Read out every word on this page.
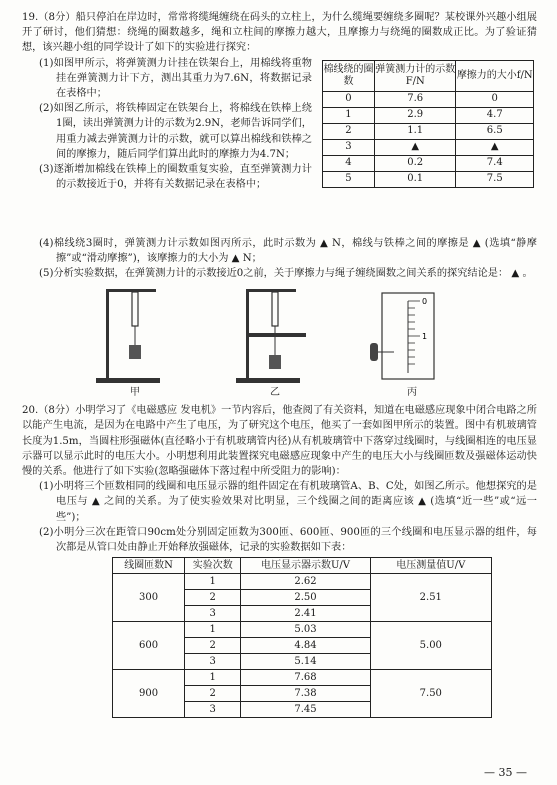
19.（8分）船只停泊在岸边时，常常将缆绳缠绕在码头的立柱上，为什么缆绳要缠绕多圈呢？某校课外兴趣小组展开了研讨，他们猜想：绕绳的圈数越多，绳和立柱间的摩擦力越大，且摩擦力与绕绳的圈数成正比。为了验证猜想，该兴趣小组的同学设计了如下的实验进行探究：

(1)如图甲所示，将弹簧测力计挂在铁架台上，用棉线将重物挂在弹簧测力计下方，测出其重力为7.6N，将数据记录在表格中；

(2)如图乙所示，将铁棒固定在铁架台上，将棉线在铁棒上绕1圈，读出弹簧测力计的示数为2.9N，老师告诉同学们，用重力减去弹簧测力计的示数，就可以算出棉线和铁棒之间的摩擦力，随后同学们算出此时的摩擦力为4.7N；

(3)逐渐增加棉线在铁棒上的圈数重复实验，直至弹簧测力计的示数接近于0，并将有关数据记录在表格中；

棉线绕的圈数	弹簧测力计的示数F/N	摩擦力的大小f/N
0	7.6	0
1	2.9	4.7
2	1.1	6.5
3	▲	▲
4	0.2	7.4
5	0.1	7.5

(4)棉线绕3圈时，弹簧测力计示数如图丙所示，此时示数为 ▲ N，棉线与铁棒之间的摩擦是 ▲ (选填“静摩擦”或“滑动摩擦”)，该摩擦力的大小为 ▲ N；

(5)分析实验数据，在弹簧测力计的示数接近0之前，关于摩擦力与绳子缠绕圈数之间关系的探究结论是： ▲ 。

0
1
甲	乙	丙

20.（8分）小明学习了《电磁感应 发电机》一节内容后，他查阅了有关资料，知道在电磁感应现象中闭合电路之所以能产生电流，是因为在电路中产生了电压，为了研究这个电压，他买了一套如图甲所示的装置。图中有机玻璃管长度为1.5m，当圆柱形强磁体(直径略小于有机玻璃管内径)从有机玻璃管中下落穿过线圈时，与线圈相连的电压显示器可以显示此时的电压大小。小明想利用此装置探究电磁感应现象中产生的电压大小与线圈匝数及强磁体运动快慢的关系。他进行了如下实验(忽略强磁体下落过程中所受阻力的影响)：

(1)小明将三个匝数相同的线圈和电压显示器的组件固定在有机玻璃管A、B、C处，如图乙所示。他想探究的是电压与 ▲ 之间的关系。为了使实验效果对比明显，三个线圈之间的距离应该 ▲ (选填“近一些”或“远一些”)；

(2)小明分三次在距管口90cm处分别固定匝数为300匝、600匝、900匝的三个线圈和电压显示器的组件，每次都是从管口处由静止开始释放强磁体，记录的实验数据如下表：

线圈匝数N	实验次数	电压显示器示数U/V	电压测量值U/V
300	1	2.62	2.51
	2	2.50	
	3	2.41	
600	1	5.03	5.00
	2	4.84	
	3	5.14	
900	1	7.68	7.50
	2	7.38	
	3	7.45	
— 35 —
